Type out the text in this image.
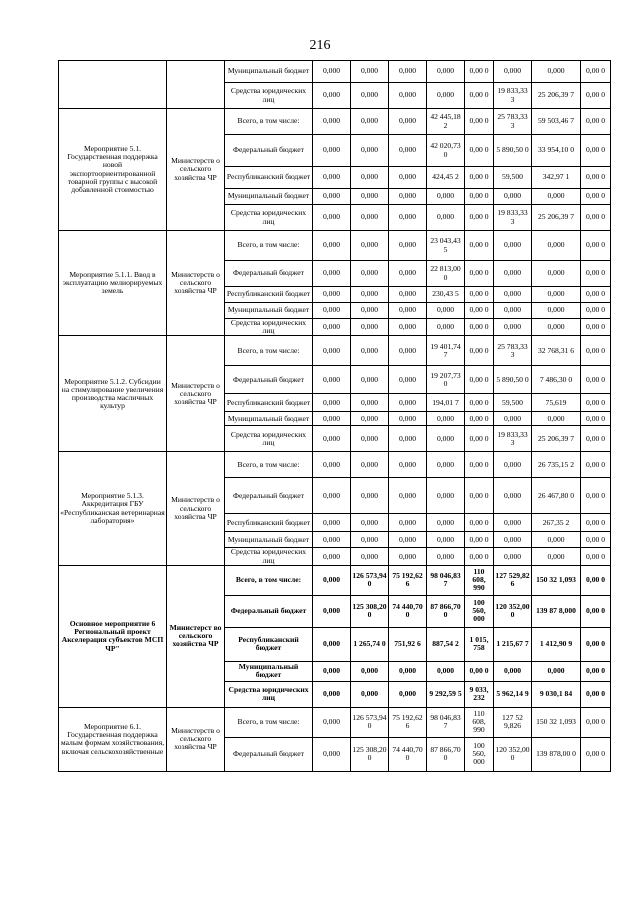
216
		Муниципальный бюджет	0,000	0,000	0,000	0,000	0,00 0	0,000	0,000	0,00 0
		Средства юридических лиц	0,000	0,000	0,000	0,000	0,00 0	19 833,33 3	25 206,39 7	0,00 0
Мероприятие 5.1. Государственная поддержка новой экспортоориентированной товарной группы с высокой добавленной стоимостью	Министерств о сельского хозяйства ЧР	Всего, в том числе:	0,000	0,000	0,000	42 445,18 2	0,00 0	25 783,33 3	59 503,46 7	0,00 0
		Федеральный бюджет	0,000	0,000	0,000	42 020,73 0	0,00 0	5 890,50 0	33 954,10 0	0,00 0
		Республиканский бюджет	0,000	0,000	0,000	424,45 2	0,00 0	59,500	342,97 1	0,00 0
		Муниципальный бюджет	0,000	0,000	0,000	0,000	0,00 0	0,000	0,000	0,00 0
		Средства юридических лиц	0,000	0,000	0,000	0,000	0,00 0	19 833,33 3	25 206,39 7	0,00 0
Мероприятие 5.1.1. Ввод в эксплуатацию мелиорируемых земель	Министерств о сельского хозяйства ЧР	Всего, в том числе:	0,000	0,000	0,000	23 043,43 5	0,00 0	0,000	0,000	0,00 0
		Федеральный бюджет	0,000	0,000	0,000	22 813,00 0	0,00 0	0,000	0,000	0,00 0
		Республиканский бюджет	0,000	0,000	0,000	230,43 5	0,00 0	0,000	0,000	0,00 0
		Муниципальный бюджет	0,000	0,000	0,000	0,000	0,00 0	0,000	0,000	0,00 0
		Средства юридических лиц	0,000	0,000	0,000	0,000	0,00 0	0,000	0,000	0,00 0
Мероприятие 5.1.2. Субсидии на стимулирование увеличения производства масличных культур	Министерств о сельского хозяйства ЧР	Всего, в том числе:	0,000	0,000	0,000	19 401,74 7	0,00 0	25 783,33 3	32 768,31 6	0,00 0
		Федеральный бюджет	0,000	0,000	0,000	19 207,73 0	0,00 0	5 890,50 0	7 486,30 0	0,00 0
		Республиканский бюджет	0,000	0,000	0,000	194,01 7	0,00 0	59,500	75,619	0,00 0
		Муниципальный бюджет	0,000	0,000	0,000	0,000	0,00 0	0,000	0,000	0,00 0
		Средства юридических лиц	0,000	0,000	0,000	0,000	0,00 0	19 833,33 3	25 206,39 7	0,00 0
Мероприятие 5.1.3. Аккредитация ГБУ «Республиканская ветеринарная лаборатория»	Министерств о сельского хозяйства ЧР	Всего, в том числе:	0,000	0,000	0,000	0,000	0,00 0	0,000	26 735,15 2	0,00 0
		Федеральный бюджет	0,000	0,000	0,000	0,000	0,00 0	0,000	26 467,80 0	0,00 0
		Республиканский бюджет	0,000	0,000	0,000	0,000	0,00 0	0,000	267,35 2	0,00 0
		Муниципальный бюджет	0,000	0,000	0,000	0,000	0,00 0	0,000	0,000	0,00 0
		Средства юридических лиц	0,000	0,000	0,000	0,000	0,00 0	0,000	0,000	0,00 0
Основное мероприятие 6 Региональный проект Акселерация субъектов МСП ЧР"	Министерст во сельского хозяйства ЧР	Всего, в том числе:	0,000	126 573,94 0	75 192,62 6	98 046,83 7	110 608, 990	127 529,82 6	150 32 1,093	0,00 0
		Федеральный бюджет	0,000	125 308,20 0	74 440,70 0	87 866,70 0	100 560, 000	120 352,00 0	139 87 8,000	0,00 0
		Республиканский бюджет	0,000	1 265,74 0	751,92 6	887,54 2	1 015, 758	1 215,67 7	1 412,90 9	0,00 0
		Муниципальный бюджет	0,000	0,000	0,000	0,000	0,00 0	0,000	0,000	0,00 0
		Средства юридических лиц	0,000	0,000	0,000	9 292,59 5	9 033, 232	5 962,14 9	9 030,1 84	0,00 0
Мероприятие 6.1. Государственная поддержка малым формам хозяйствования, включая сельскохозяйственные	Министерств о сельского хозяйства ЧР	Всего, в том числе:	0,000	126 573,94 0	75 192,62 6	98 046,83 7	110 608, 990	127 52 9,826	150 32 1,093	0,00 0
		Федеральный бюджет	0,000	125 308,20 0	74 440,70 0	87 866,70 0	100 560, 000	120 352,00 0	139 878,00 0	0,00 0
